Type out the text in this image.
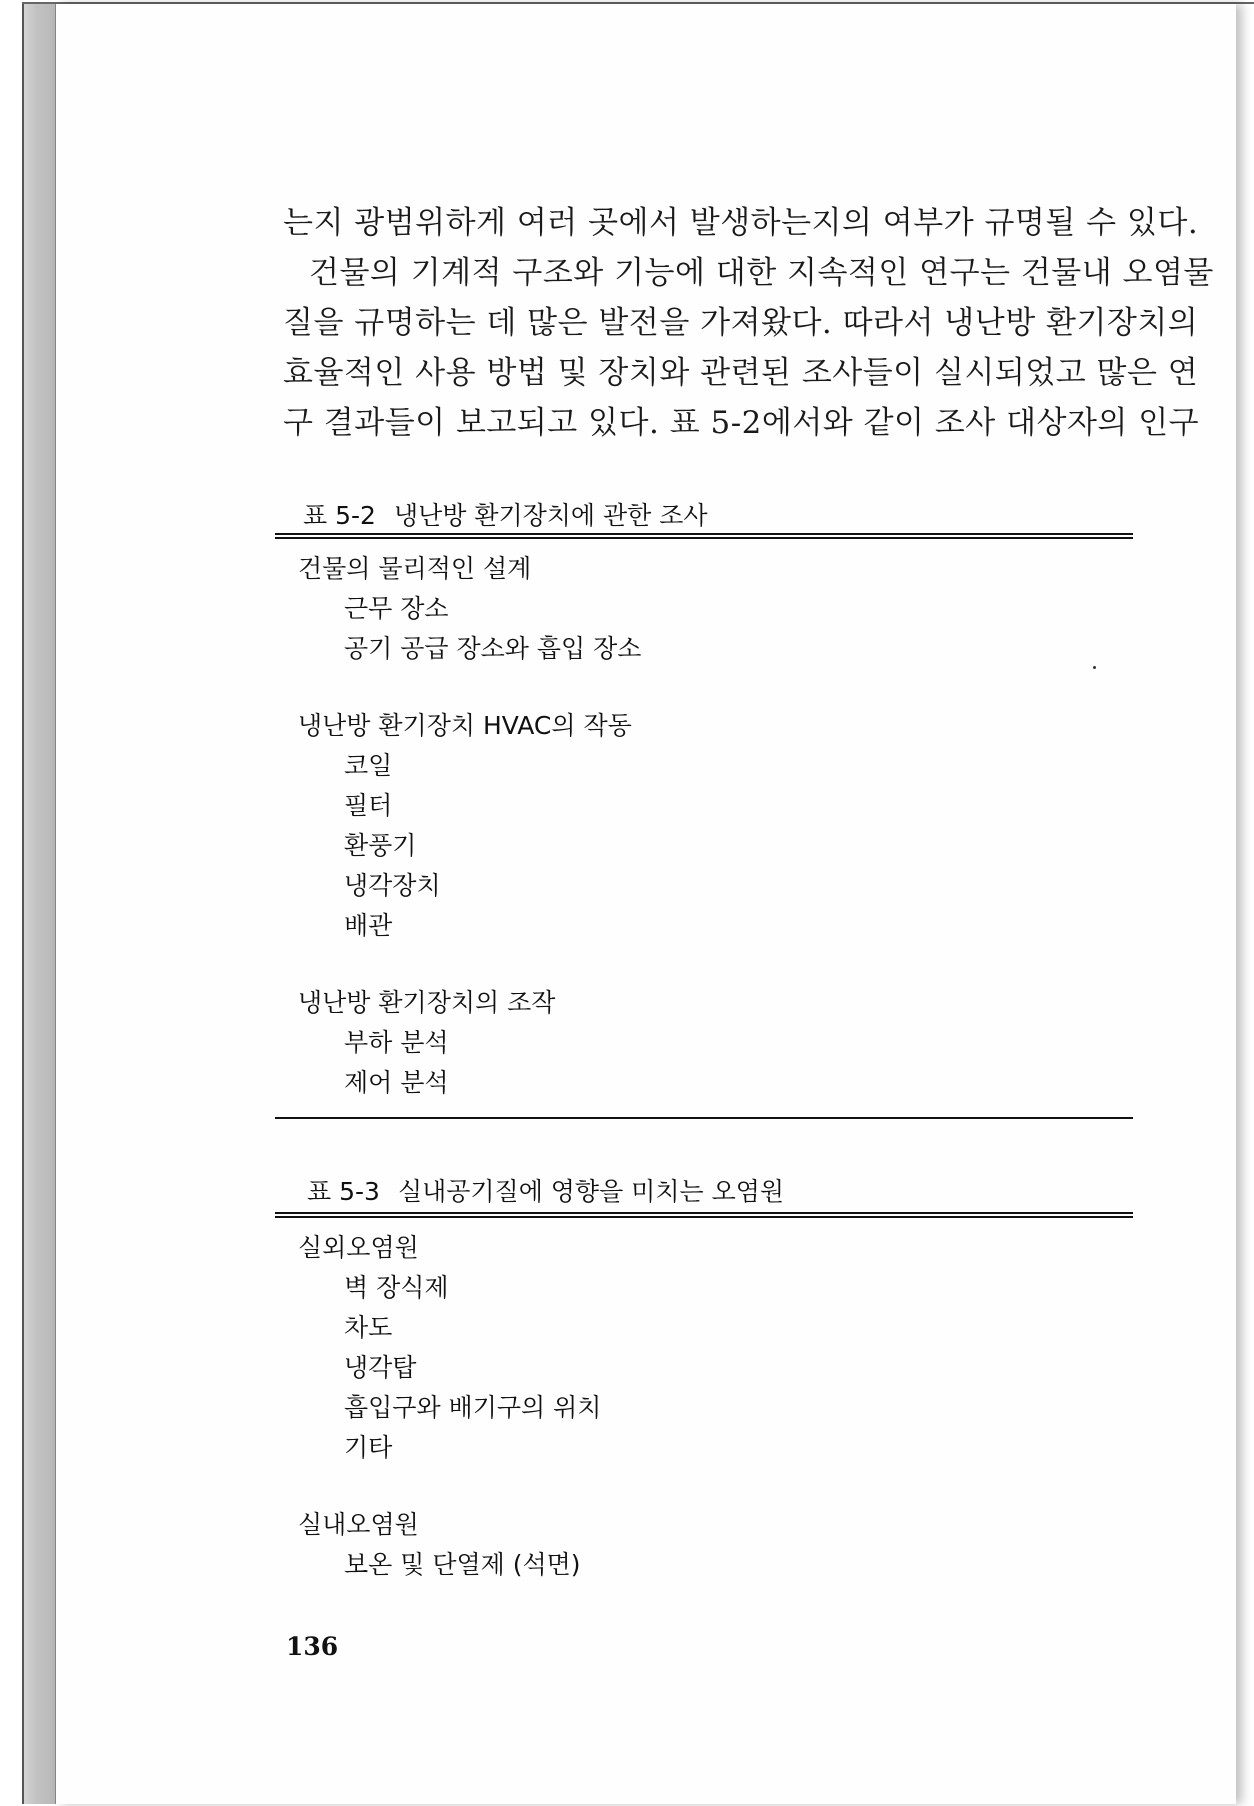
는지 광범위하게 여러 곳에서 발생하는지의 여부가 규명될 수 있다.
건물의 기계적 구조와 기능에 대한 지속적인 연구는 건물내 오염물
질을 규명하는 데 많은 발전을 가져왔다. 따라서 냉난방 환기장치의
효율적인 사용 방법 및 장치와 관련된 조사들이 실시되었고 많은 연
구 결과들이 보고되고 있다. 표 5-2에서와 같이 조사 대상자의 인구
표 5-2 냉난방 환기장치에 관한 조사
건물의 물리적인 설계
근무 장소
공기 공급 장소와 흡입 장소
냉난방 환기장치 HVAC의 작동
코일
필터
환풍기
냉각장치
배관
냉난방 환기장치의 조작
부하 분석
제어 분석
표 5-3 실내공기질에 영향을 미치는 오염원
실외오염원
벽 장식제
차도
냉각탑
흡입구와 배기구의 위치
기타
실내오염원
보온 및 단열제 (석면)
136
